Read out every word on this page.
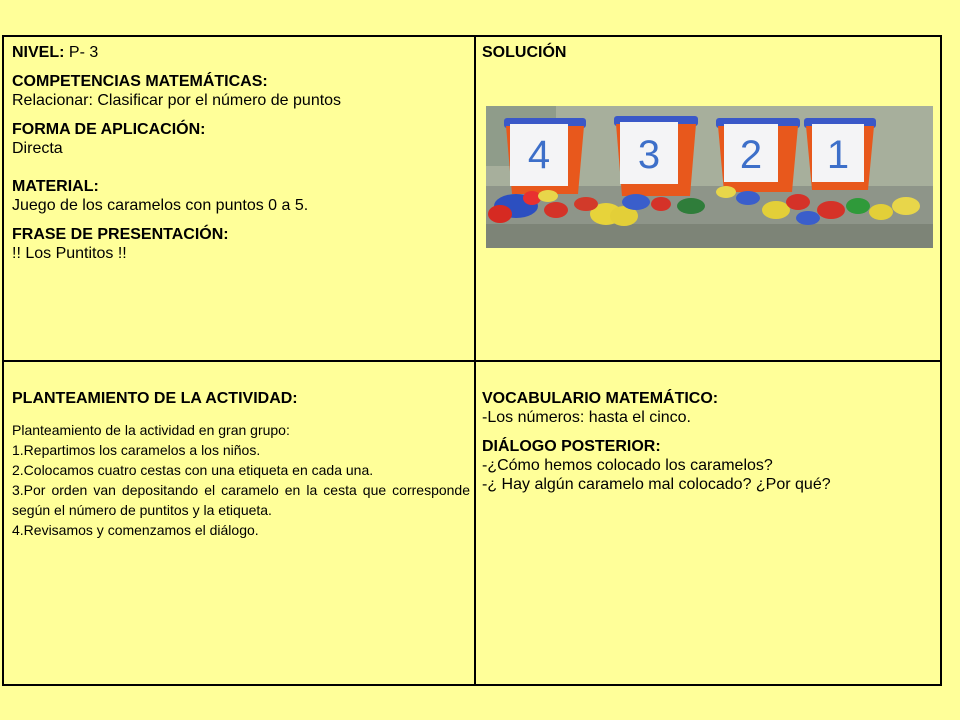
NIVEL: P- 3
COMPETENCIAS MATEMÁTICAS:
Relacionar: Clasificar por el número de puntos
FORMA DE APLICACIÓN:
Directa
MATERIAL:
Juego de los caramelos con puntos 0 a 5.
FRASE DE PRESENTACIÓN:
!! Los Puntitos !!
SOLUCIÓN
PLANTEAMIENTO DE LA ACTIVIDAD:
Planteamiento de la actividad en gran grupo:
1.Repartimos los caramelos a los niños.
2.Colocamos cuatro cestas con una etiqueta en cada una.
3.Por orden van depositando el caramelo en la cesta que corresponde según el número de puntitos y la etiqueta.
4.Revisamos y comenzamos el diálogo.
VOCABULARIO MATEMÁTICO:
-Los números: hasta el cinco.
DIÁLOGO POSTERIOR:
-¿Cómo hemos colocado los caramelos?
-¿ Hay algún caramelo mal colocado? ¿Por qué?
4 3 2 1
